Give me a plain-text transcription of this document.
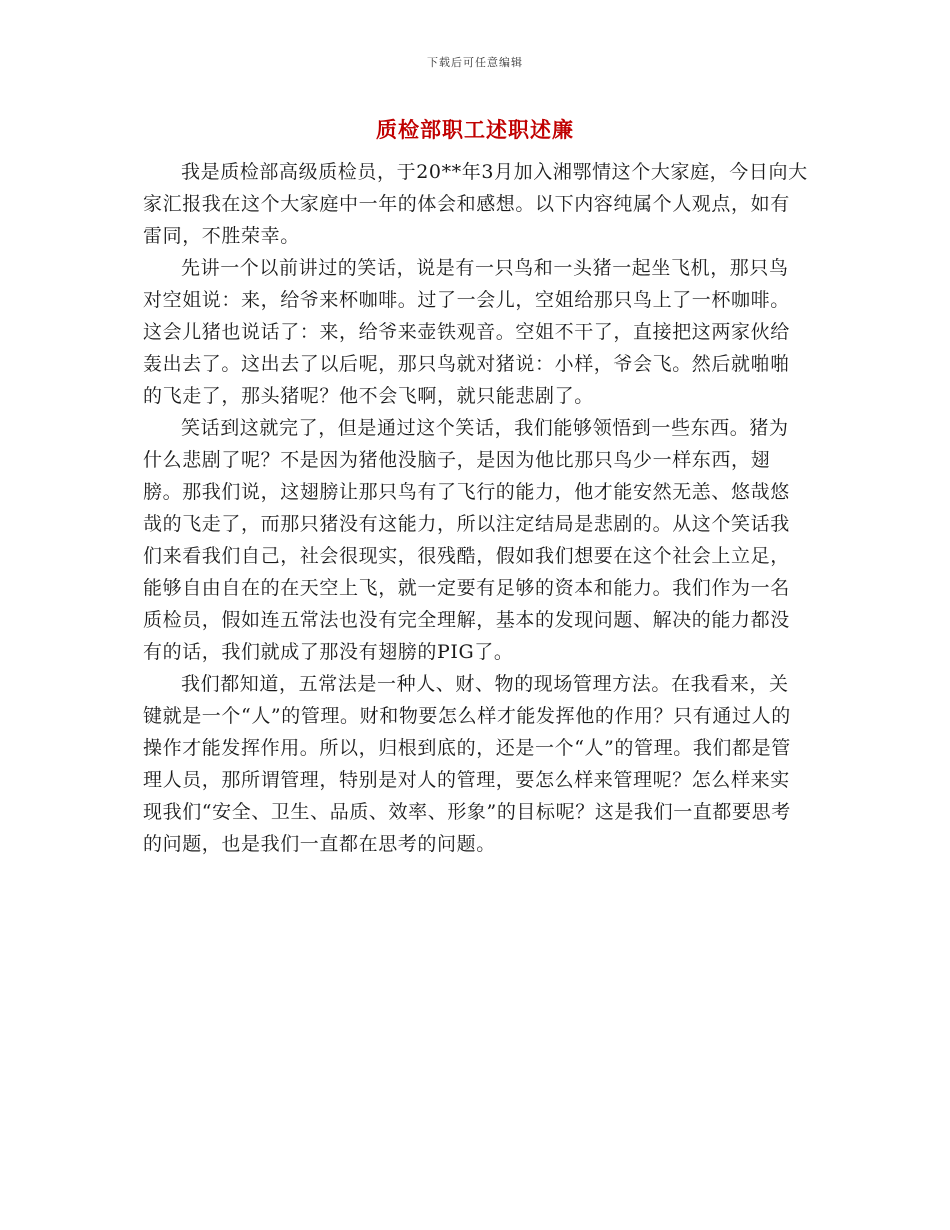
下载后可任意编辑
质检部职工述职述廉

我是质检部高级质检员，于20**年3月加入湘鄂情这个大家庭，今日向大家汇报我在这个大家庭中一年的体会和感想。以下内容纯属个人观点，如有雷同，不胜荣幸。

先讲一个以前讲过的笑话，说是有一只鸟和一头猪一起坐飞机，那只鸟对空姐说：来，给爷来杯咖啡。过了一会儿，空姐给那只鸟上了一杯咖啡。这会儿猪也说话了：来，给爷来壶铁观音。空姐不干了，直接把这两家伙给轰出去了。这出去了以后呢，那只鸟就对猪说：小样，爷会飞。然后就啪啪的飞走了，那头猪呢？他不会飞啊，就只能悲剧了。

笑话到这就完了，但是通过这个笑话，我们能够领悟到一些东西。猪为什么悲剧了呢？不是因为猪他没脑子，是因为他比那只鸟少一样东西，翅膀。那我们说，这翅膀让那只鸟有了飞行的能力，他才能安然无恙、悠哉悠哉的飞走了，而那只猪没有这能力，所以注定结局是悲剧的。从这个笑话我们来看我们自己，社会很现实，很残酷，假如我们想要在这个社会上立足，能够自由自在的在天空上飞，就一定要有足够的资本和能力。我们作为一名质检员，假如连五常法也没有完全理解，基本的发现问题、解决的能力都没有的话，我们就成了那没有翅膀的PIG了。

我们都知道，五常法是一种人、财、物的现场管理方法。在我看来，关键就是一个“人”的管理。财和物要怎么样才能发挥他的作用？只有通过人的操作才能发挥作用。所以，归根到底的，还是一个“人”的管理。我们都是管理人员，那所谓管理，特别是对人的管理，要怎么样来管理呢？怎么样来实现我们“安全、卫生、品质、效率、形象”的目标呢？这是我们一直都要思考的问题，也是我们一直都在思考的问题。
